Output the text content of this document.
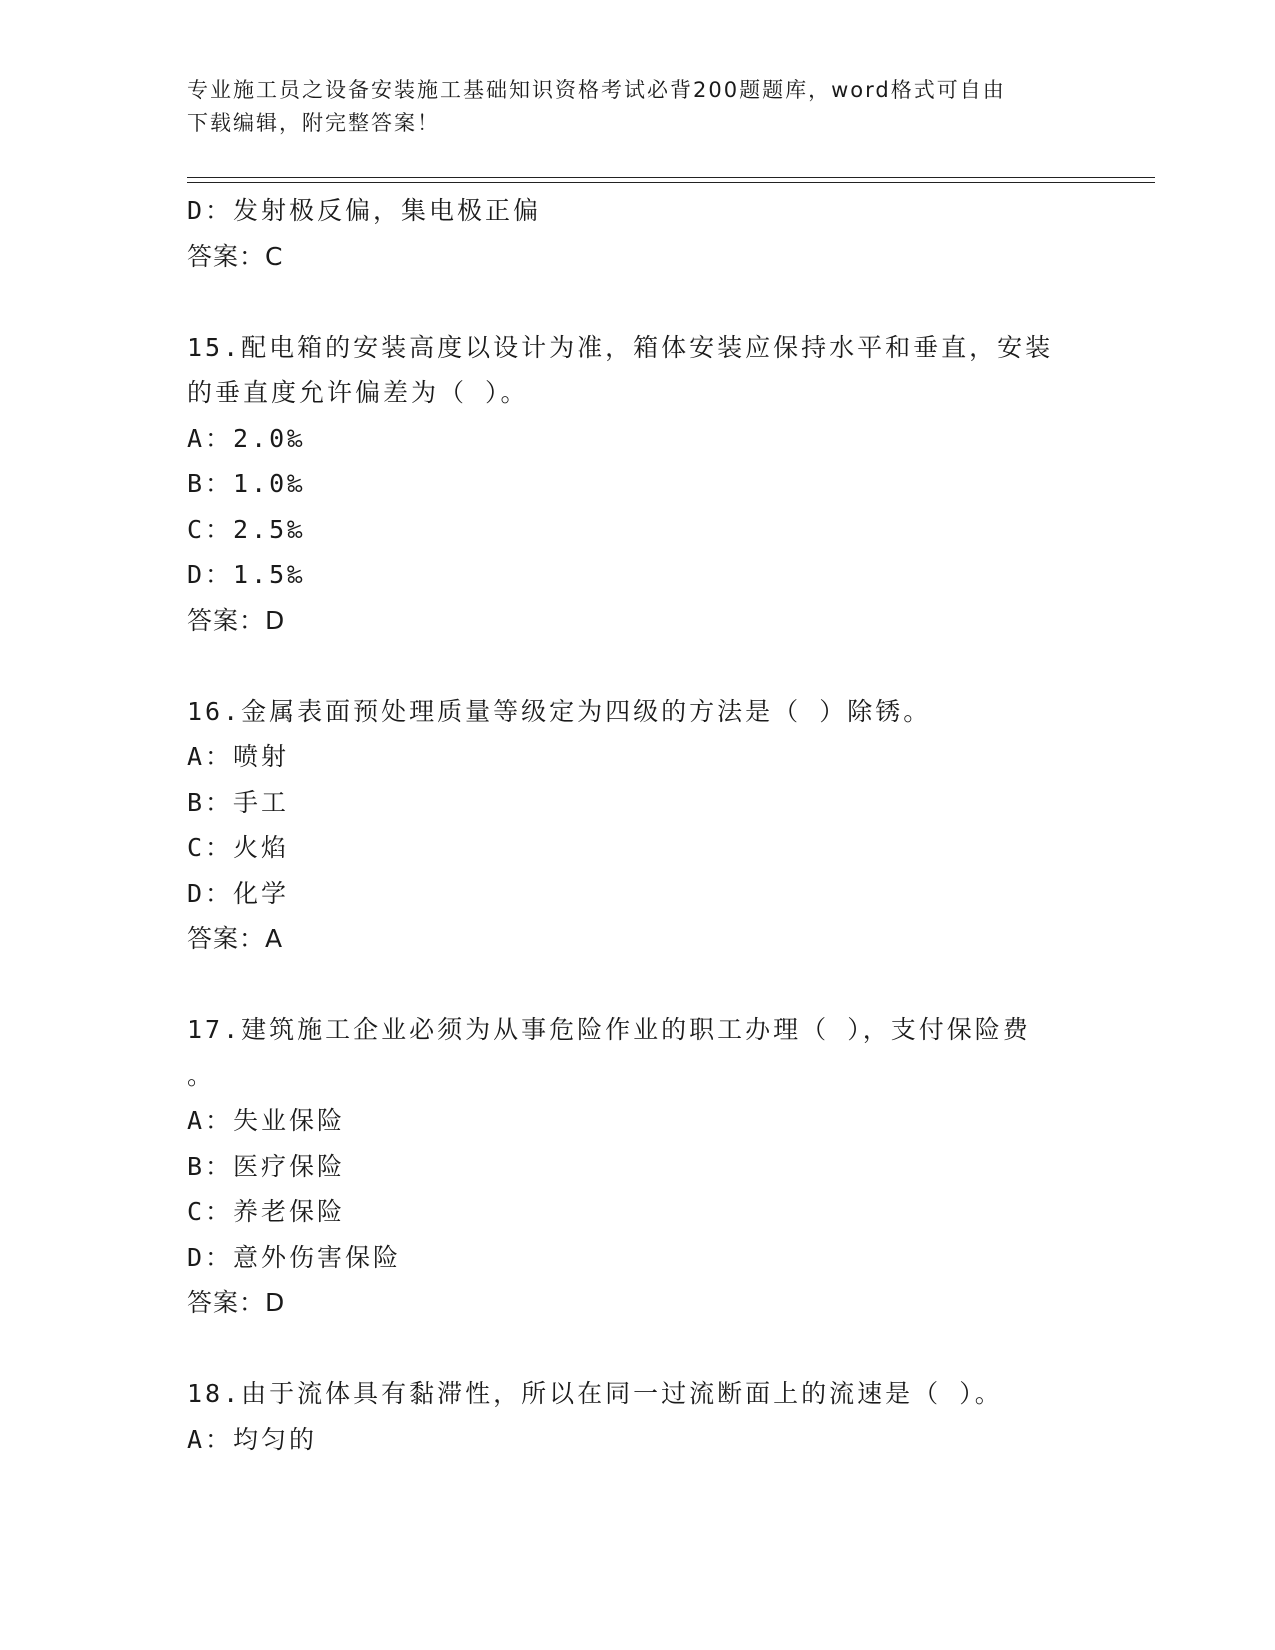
专业施工员之设备安装施工基础知识资格考试必背200题题库，word格式可自由
下载编辑，附完整答案！
D：发射极反偏，集电极正偏
答案：C
15.配电箱的安装高度以设计为准，箱体安装应保持水平和垂直，安装
的垂直度允许偏差为（ ）。
A：2.0‰
B：1.0‰
C：2.5‰
D：1.5‰
答案：D
16.金属表面预处理质量等级定为四级的方法是（ ）除锈。
A：喷射
B：手工
C：火焰
D：化学
答案：A
17.建筑施工企业必须为从事危险作业的职工办理（ ），支付保险费
。
A：失业保险
B：医疗保险
C：养老保险
D：意外伤害保险
答案：D
18.由于流体具有黏滞性，所以在同一过流断面上的流速是（ ）。
A：均匀的
